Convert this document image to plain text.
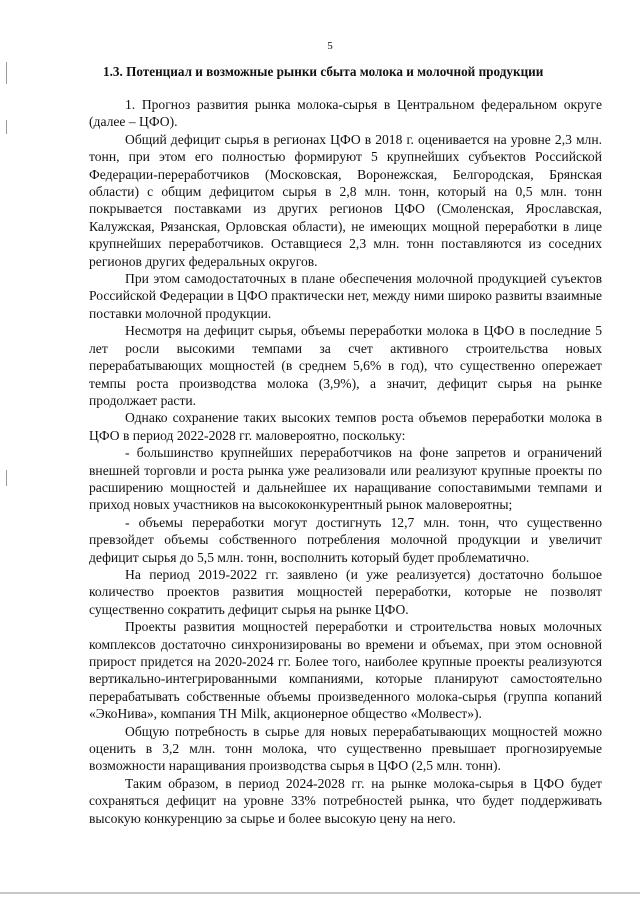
5
1.3. Потенциал и возможные рынки сбыта молока и молочной продукции

1. Прогноз развития рынка молока-сырья в Центральном федеральном округе (далее – ЦФО).

Общий дефицит сырья в регионах ЦФО в 2018 г. оценивается на уровне 2,3 млн. тонн, при этом его полностью формируют 5 крупнейших субъектов Российской Федерации-переработчиков (Московская, Воронежская, Белгородская, Брянская области) с общим дефицитом сырья в 2,8 млн. тонн, который на 0,5 млн. тонн покрывается поставками из других регионов ЦФО (Смоленская, Ярославская, Калужская, Рязанская, Орловская области), не имеющих мощной переработки в лице крупнейших переработчиков. Оставщиеся 2,3 млн. тонн поставляются из соседних регионов других федеральных округов.

При этом самодостаточных в плане обеспечения молочной продукцией суъектов Российской Федерации в ЦФО практически нет, между ними широко развиты взаимные поставки молочной продукции.

Несмотря на дефицит сырья, объемы переработки молока в ЦФО в последние 5 лет росли высокими темпами за счет активного строительства новых перерабатывающих мощностей (в среднем 5,6% в год), что существенно опережает темпы роста производства молока (3,9%), а значит, дефицит сырья на рынке продолжает расти.

Однако сохранение таких высоких темпов роста объемов переработки молока в ЦФО в период 2022-2028 гг. маловероятно, поскольку:

- большинство крупнейших переработчиков на фоне запретов и ограничений внешней торговли и роста рынка уже реализовали или реализуют крупные проекты по расширению мощностей и дальнейшее их наращивание сопоставимыми темпами и приход новых участников на высококонкурентный рынок маловероятны;

- объемы переработки могут достигнуть 12,7 млн. тонн, что существенно превзойдет объемы собственного потребления молочной продукции и увеличит дефицит сырья до 5,5 млн. тонн, восполнить который будет проблематично.

На период 2019-2022 гг. заявлено (и уже реализуется) достаточно большое количество проектов развития мощностей переработки, которые не позволят существенно сократить дефицит сырья на рынке ЦФО.

Проекты развития мощностей переработки и строительства новых молочных комплексов достаточно синхронизированы во времени и объемах, при этом основной прирост придется на 2020-2024 гг. Более того, наиболее крупные проекты реализуются вертикально-интегрированными компаниями, которые планируют самостоятельно перерабатывать собственные объемы произведенного молока-сырья (группа копаний «ЭкоНива», компания ТН Milk, акционерное общество «Молвест»).

Общую потребность в сырье для новых перерабатывающих мощностей можно оценить в 3,2 млн. тонн молока, что существенно превышает прогнозируемые возможности наращивания производства сырья в ЦФО (2,5 млн. тонн).

Таким образом, в период 2024-2028 гг. на рынке молока-сырья в ЦФО будет сохраняться дефицит на уровне 33% потребностей рынка, что будет поддерживать высокую конкуренцию за сырье и более высокую цену на него.
